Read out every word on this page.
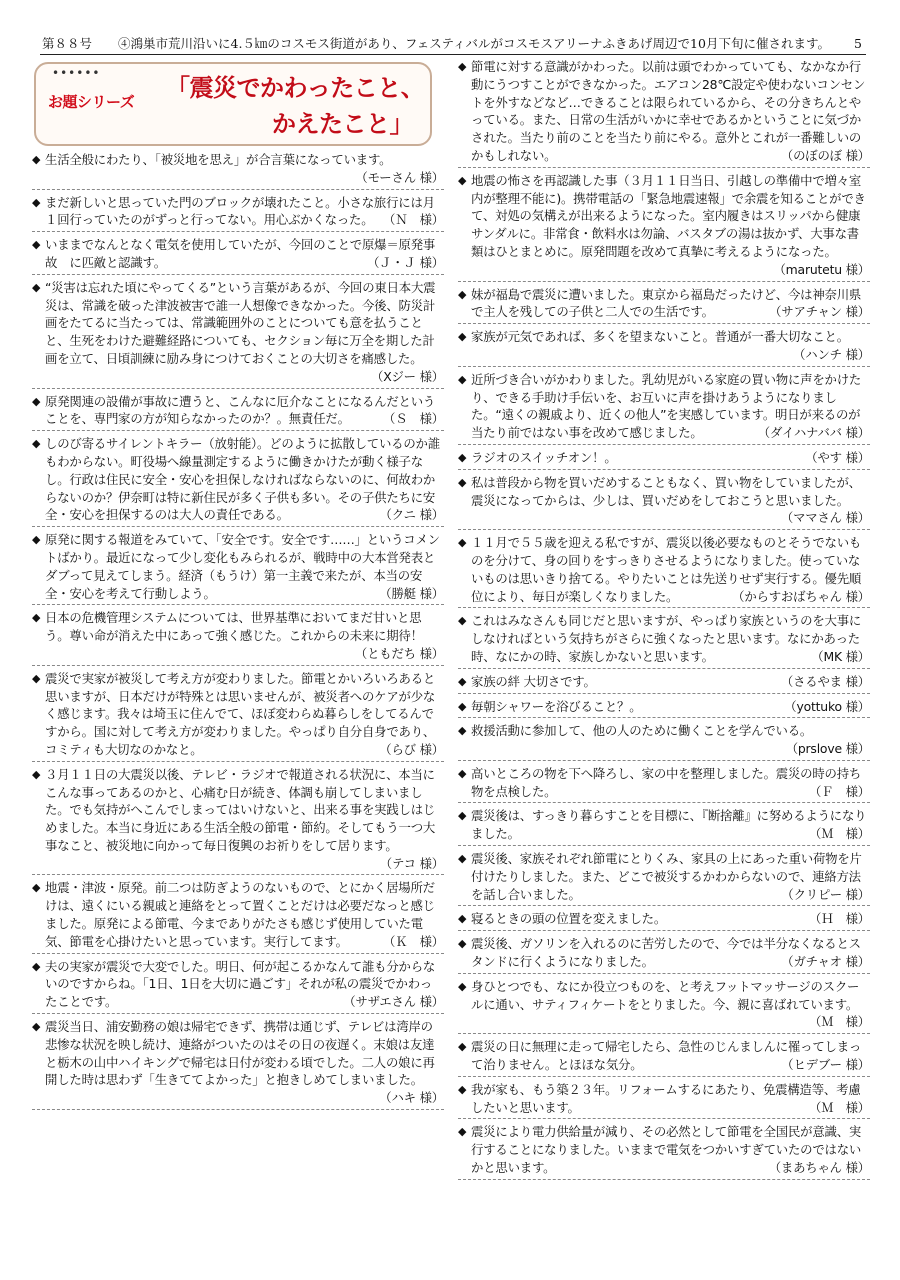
第８８号 ④鴻巣市荒川沿いに4.５㎞のコスモス街道があり、フェスティバルがコスモスアリーナふきあげ周辺で10月下旬に催されます。 5
••••••
お題シリーズ 「震災でかわったこと、
かえたこと」
◆ 生活全般にわたり、「被災地を思え」が合言葉になっています。
（モーさん 様）
◆ まだ新しいと思っていた門のブロックが壊れたこと。小さな旅行には月１回行っていたのがずっと行ってない。用心ぶかくなった。 （Ｎ　様）
◆ いままでなんとなく電気を使用していたが、今回のことで原爆＝原発事故　に匹敵と認識す。	（Ｊ・Ｊ 様）
◆ “災害は忘れた頃にやってくる”という言葉があるが、今回の東日本大震災は、常識を破った津波被害で誰一人想像できなかった。今後、防災計画をたてるに当たっては、常識範囲外のことについても意を払うことと、生死をわけた避難経路についても、セクション毎に万全を期した計画を立て、日頃訓練に励み身につけておくことの大切さを痛感した。
（Xジー 様）
◆ 原発関連の設備が事故に遭うと、こんなに厄介なことになるんだということを、専門家の方が知らなかったのか？。無責任だ。	（Ｓ　様）
◆ しのび寄るサイレントキラー（放射能）。どのように拡散しているのか誰もわからない。町役場へ線量測定するように働きかけたが動く様子なし。行政は住民に安全・安心を担保しなければならないのに、何故わからないのか？伊奈町は特に新住民が多く子供も多い。その子供たちに安全・安心を担保するのは大人の責任である。	（クニ 様）
◆ 原発に関する報道をみていて、「安全です。安全です……」というコメントばかり。最近になって少し変化もみられるが、戦時中の大本営発表とダブって見えてしまう。経済（もうけ）第一主義で来たが、本当の安全・安心を考えて行動しよう。	（勝艇 様）
◆ 日本の危機管理システムについては、世界基準においてまだ甘いと思う。尊い命が消えた中にあって強く感じた。これからの未来に期待！
（ともだち 様）
◆ 震災で実家が被災して考え方が変わりました。節電とかいろいろあると思いますが、日本だけが特殊とは思いませんが、被災者へのケアが少なく感じます。我々は埼玉に住んでて、ほぼ変わらぬ暮らしをしてるんですから。国に対して考え方が変わりました。やっぱり自分自身であり、コミティも大切なのかなと。	（らび 様）
◆ ３月１１日の大震災以後、テレビ・ラジオで報道される状況に、本当にこんな事ってあるのかと、心痛む日が続き、体調も崩してしまいました。でも気持がへこんでしまってはいけないと、出来る事を実践しはじめました。本当に身近にある生活全般の節電・節約。そしてもう一つ大事なこと、被災地に向かって毎日復興のお祈りをして居ります。
（テコ 様）
◆ 地震・津波・原発。前二つは防ぎようのないもので、とにかく居場所だけは、遠くにいる親戚と連絡をとって置くことだけは必要だなっと感じました。原発による節電、今までありがたさも感じず使用していた電気、節電を心掛けたいと思っています。実行してます。	（Ｋ　様）
◆ 夫の実家が震災で大変でした。明日、何が起こるかなんて誰も分からないのですからね。「1日、1日を大切に過ごす」それが私の震災でかわったことです。	（サザエさん 様）
◆ 震災当日、浦安勤務の娘は帰宅できず、携帯は通じず、テレビは湾岸の悲惨な状況を映し続け、連絡がついたのはその日の夜遅く。末娘は友達と栃木の山中ハイキングで帰宅は日付が変わる頃でした。二人の娘に再開した時は思わず「生きててよかった」と抱きしめてしまいました。
（ハキ 様）
◆ 節電に対する意識がかわった。以前は頭でわかっていても、なかなか行動にうつすことができなかった。エアコン28℃設定や使わないコンセントを外すなどなど…できることは限られているから、その分きちんとやっている。また、日常の生活がいかに幸せであるかということに気づかされた。当たり前のことを当たり前にやる。意外とこれが一番難しいのかもしれない。	（のぼのぼ 様）
◆ 地震の怖さを再認識した事（３月１１日当日、引越しの準備中で増々室内が整理不能に)。携帯電話の「緊急地震速報」で余震を知ることができて、対処の気構えが出来るようになった。室内履きはスリッパから健康サンダルに。非常食・飲料水は勿論、バスタブの湯は抜かず、大事な書類はひとまとめに。原発問題を改めて真摯に考えるようになった。
（marutetu 様）
◆ 妹が福島で震災に遭いました。東京から福島だったけど、今は神奈川県で主人を残しての子供と二人での生活です。	（サアチャン 様）
◆ 家族が元気であれば、多くを望まないこと。普通が一番大切なこと。
（ハンチ 様）
◆ 近所づき合いがかわりました。乳幼児がいる家庭の買い物に声をかけたり、できる手助け手伝いを、お互いに声を掛けあうようになりました。“遠くの親戚より、近くの他人”を実感しています。明日が来るのが当たり前ではない事を改めて感じました。	（ダイハナババ 様）
◆ ラジオのスイッチオン！。	（やす 様）
◆ 私は普段から物を買いだめすることもなく、買い物をしていましたが、震災になってからは、少しは、買いだめをしておこうと思いました。
（ママさん 様）
◆ １１月で５５歳を迎える私ですが、震災以後必要なものとそうでないものを分けて、身の回りをすっきりさせるようになりました。使っていないものは思いきり捨てる。やりたいことは先送りせず実行する。優先順位により、毎日が楽しくなりました。	（からすおばちゃん 様）
◆ これはみなさんも同じだと思いますが、やっぱり家族というのを大事にしなければという気持ちがさらに強くなったと思います。なにかあった時、なにかの時、家族しかないと思います。	（MK 様）
◆ 家族の絆 大切さです。	（さるやま 様）
◆ 毎朝シャワーを浴びること？。	（yottuko 様）
◆ 救援活動に参加して、他の人のために働くことを学んでいる。
（prslove 様）
◆ 高いところの物を下へ降ろし、家の中を整理しました。震災の時の持ち物を点検した。	（Ｆ　様）
◆ 震災後は、すっきり暮らすことを目標に、『断捨離』に努めるようになりました。	（Ｍ　様）
◆ 震災後、家族それぞれ節電にとりくみ、家具の上にあった重い荷物を片付けたりしました。また、どこで被災するかわからないので、連絡方法を話し合いました。	（クリピー 様）
◆ 寝るときの頭の位置を変えました。	（Ｈ　様）
◆ 震災後、ガソリンを入れるのに苦労したので、今では半分なくなるとスタンドに行くようになりました。	（ガチャオ 様）
◆ 身ひとつでも、なにか役立つものを、と考えフットマッサージのスクールに通い、サティフィケートをとりました。今、親に喜ばれています。
（Ｍ　様）
◆ 震災の日に無理に走って帰宅したら、急性のじんましんに罹ってしまって治りません。とほほな気分。	（ヒデブー 様）
◆ 我が家も、もう築２３年。リフォームするにあたり、免震構造等、考慮したいと思います。	（Ｍ　様）
◆ 震災により電力供給量が減り、その必然として節電を全国民が意識、実行することになりました。いままで電気をつかいすぎていたのではないかと思います。	（まあちゃん 様）
